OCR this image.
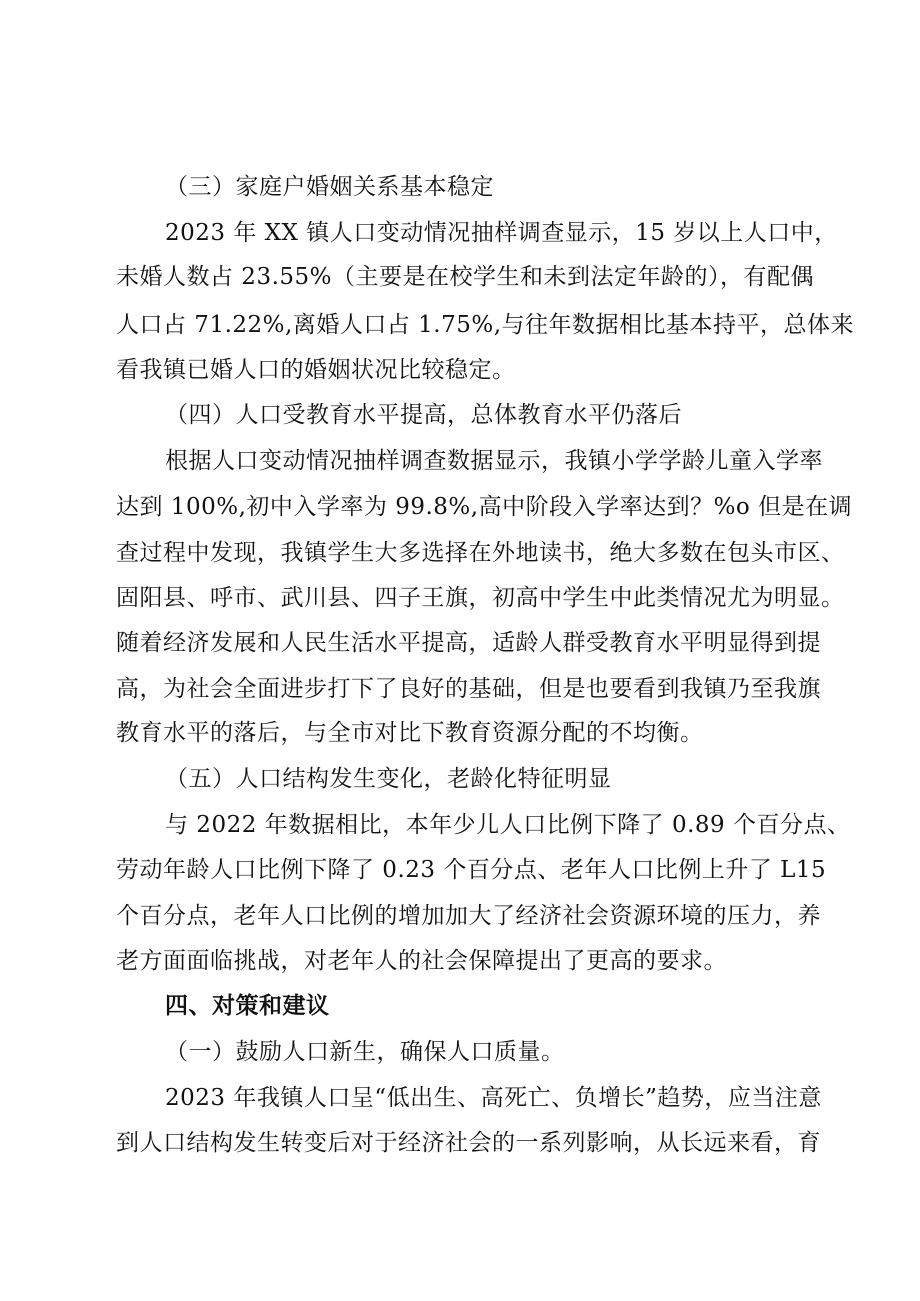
（三）家庭户婚姻关系基本稳定
2023 年 XX 镇人口变动情况抽样调查显示，15 岁以上人口中，
未婚人数占 23.55%（主要是在校学生和未到法定年龄的），有配偶
人口占 71.22%,离婚人口占 1.75%,与往年数据相比基本持平，总体来
看我镇已婚人口的婚姻状况比较稳定。
（四）人口受教育水平提高，总体教育水平仍落后
根据人口变动情况抽样调查数据显示，我镇小学学龄儿童入学率
达到 100%,初中入学率为 99.8%,高中阶段入学率达到？%o 但是在调
查过程中发现，我镇学生大多选择在外地读书，绝大多数在包头市区、
固阳县、呼市、武川县、四子王旗，初高中学生中此类情况尤为明显。
随着经济发展和人民生活水平提高，适龄人群受教育水平明显得到提
高，为社会全面进步打下了良好的基础，但是也要看到我镇乃至我旗
教育水平的落后，与全市对比下教育资源分配的不均衡。
（五）人口结构发生变化，老龄化特征明显
与 2022 年数据相比，本年少儿人口比例下降了 0.89 个百分点、
劳动年龄人口比例下降了 0.23 个百分点、老年人口比例上升了 L15
个百分点，老年人口比例的增加加大了经济社会资源环境的压力，养
老方面面临挑战，对老年人的社会保障提出了更高的要求。
四、对策和建议
（一）鼓励人口新生，确保人口质量。
2023 年我镇人口呈“低出生、高死亡、负增长”趋势，应当注意
到人口结构发生转变后对于经济社会的一系列影响，从长远来看，育
